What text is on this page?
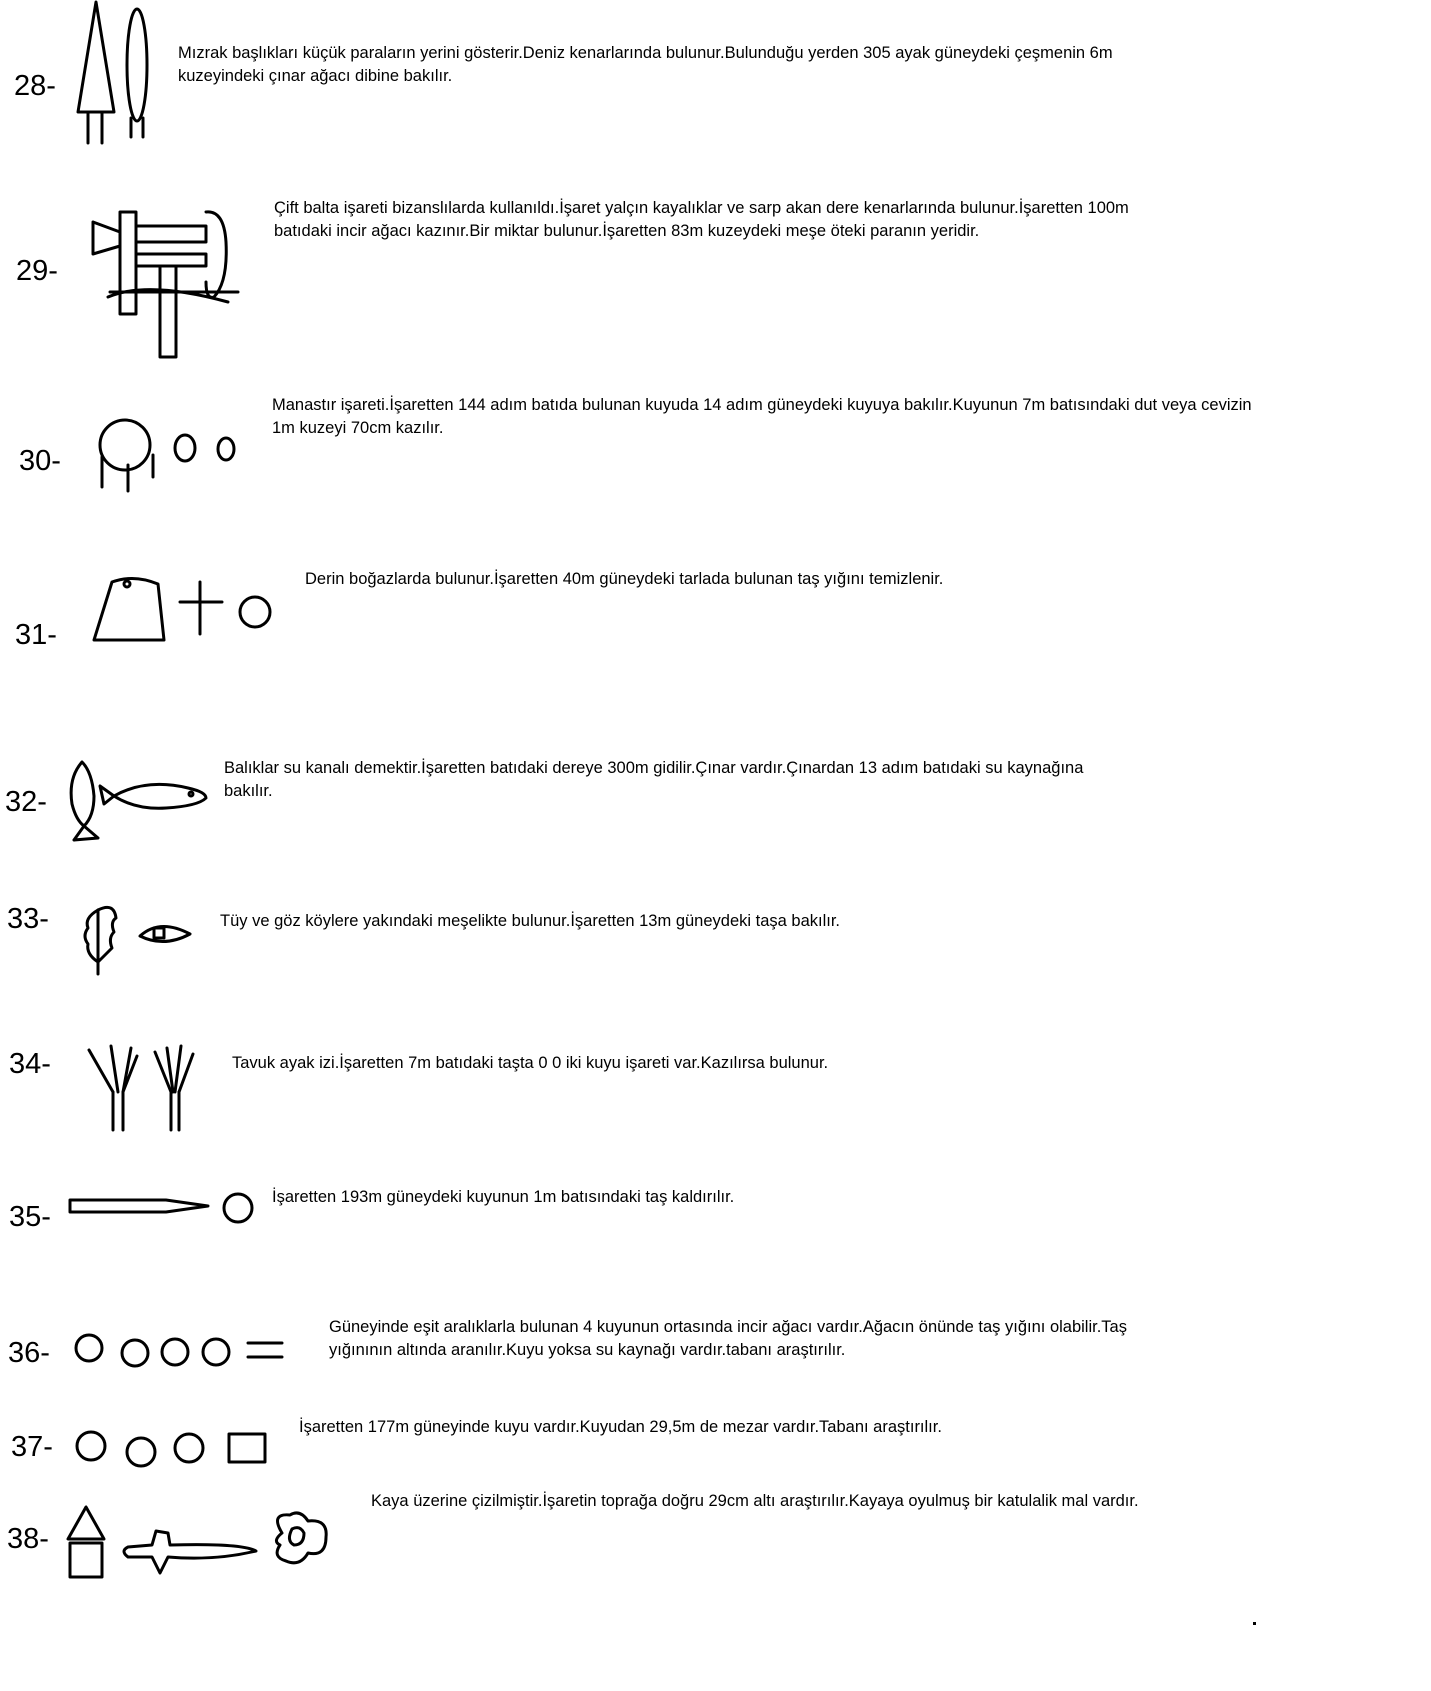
28-
Mızrak başlıkları küçük paraların yerini gösterir.Deniz kenarlarında bulunur.Bulunduğu yerden 305 ayak güneydeki çeşmenin 6m kuzeyindeki çınar ağacı dibine bakılır.
29-
Çift balta işareti bizanslılarda kullanıldı.İşaret yalçın kayalıklar ve sarp akan dere kenarlarında bulunur.İşaretten 100m batıdaki incir ağacı kazınır.Bir miktar bulunur.İşaretten 83m kuzeydeki meşe öteki paranın yeridir.
30-
Manastır işareti.İşaretten 144 adım batıda bulunan kuyuda 14 adım güneydeki kuyuya bakılır.Kuyunun 7m batısındaki dut veya cevizin 1m kuzeyi 70cm kazılır.
31-
Derin boğazlarda bulunur.İşaretten 40m güneydeki tarlada bulunan taş yığını temizlenir.
32-
Balıklar su kanalı demektir.İşaretten batıdaki dereye 300m gidilir.Çınar vardır.Çınardan 13 adım batıdaki su kaynağına bakılır.
33-	Tüy ve göz köylere yakındaki meşelikte bulunur.İşaretten 13m güneydeki taşa bakılır.
34-	Tavuk ayak izi.İşaretten 7m batıdaki taşta 0 0 iki kuyu işareti var.Kazılırsa bulunur.
35-
İşaretten 193m güneydeki kuyunun 1m batısındaki taş kaldırılır.
36-
Güneyinde eşit aralıklarla bulunan 4 kuyunun ortasında incir ağacı vardır.Ağacın önünde taş yığını olabilir.Taş yığınının altında aranılır.Kuyu yoksa su kaynağı vardır.tabanı araştırılır.
37-
İşaretten 177m güneyinde kuyu vardır.Kuyudan 29,5m de mezar vardır.Tabanı araştırılır.
38-
Kaya üzerine çizilmiştir.İşaretin toprağa doğru 29cm altı araştırılır.Kayaya oyulmuş bir katulalik mal vardır.
